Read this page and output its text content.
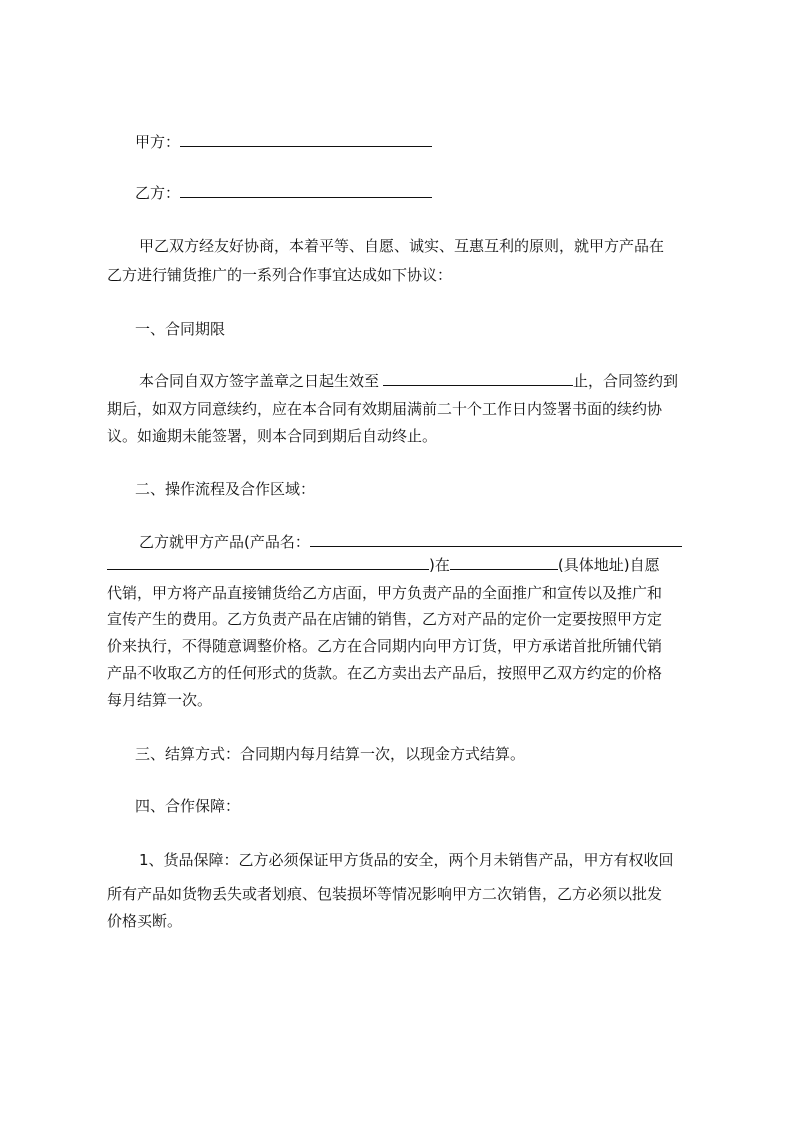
甲方：
乙方：
甲乙双方经友好协商，本着平等、自愿、诚实、互惠互利的原则，就甲方产品在
乙方进行铺货推广的一系列合作事宜达成如下协议：
一、合同期限
本合同自双方签字盖章之日起生效至	止，合同签约到
期后，如双方同意续约，应在本合同有效期届满前二十个工作日内签署书面的续约协
议。如逾期未能签署，则本合同到期后自动终止。
二、操作流程及合作区域：
乙方就甲方产品(产品名：
)在	(具体地址)自愿
代销，甲方将产品直接铺货给乙方店面，甲方负责产品的全面推广和宣传以及推广和
宣传产生的费用。乙方负责产品在店铺的销售，乙方对产品的定价一定要按照甲方定
价来执行，不得随意调整价格。乙方在合同期内向甲方订货，甲方承诺首批所铺代销
产品不收取乙方的任何形式的货款。在乙方卖出去产品后，按照甲乙双方约定的价格
每月结算一次。
三、结算方式：合同期内每月结算一次，以现金方式结算。
四、合作保障：
1、货品保障：乙方必须保证甲方货品的安全，两个月未销售产品，甲方有权收回
所有产品如货物丢失或者划痕、包装损坏等情况影响甲方二次销售，乙方必须以批发
价格买断。
